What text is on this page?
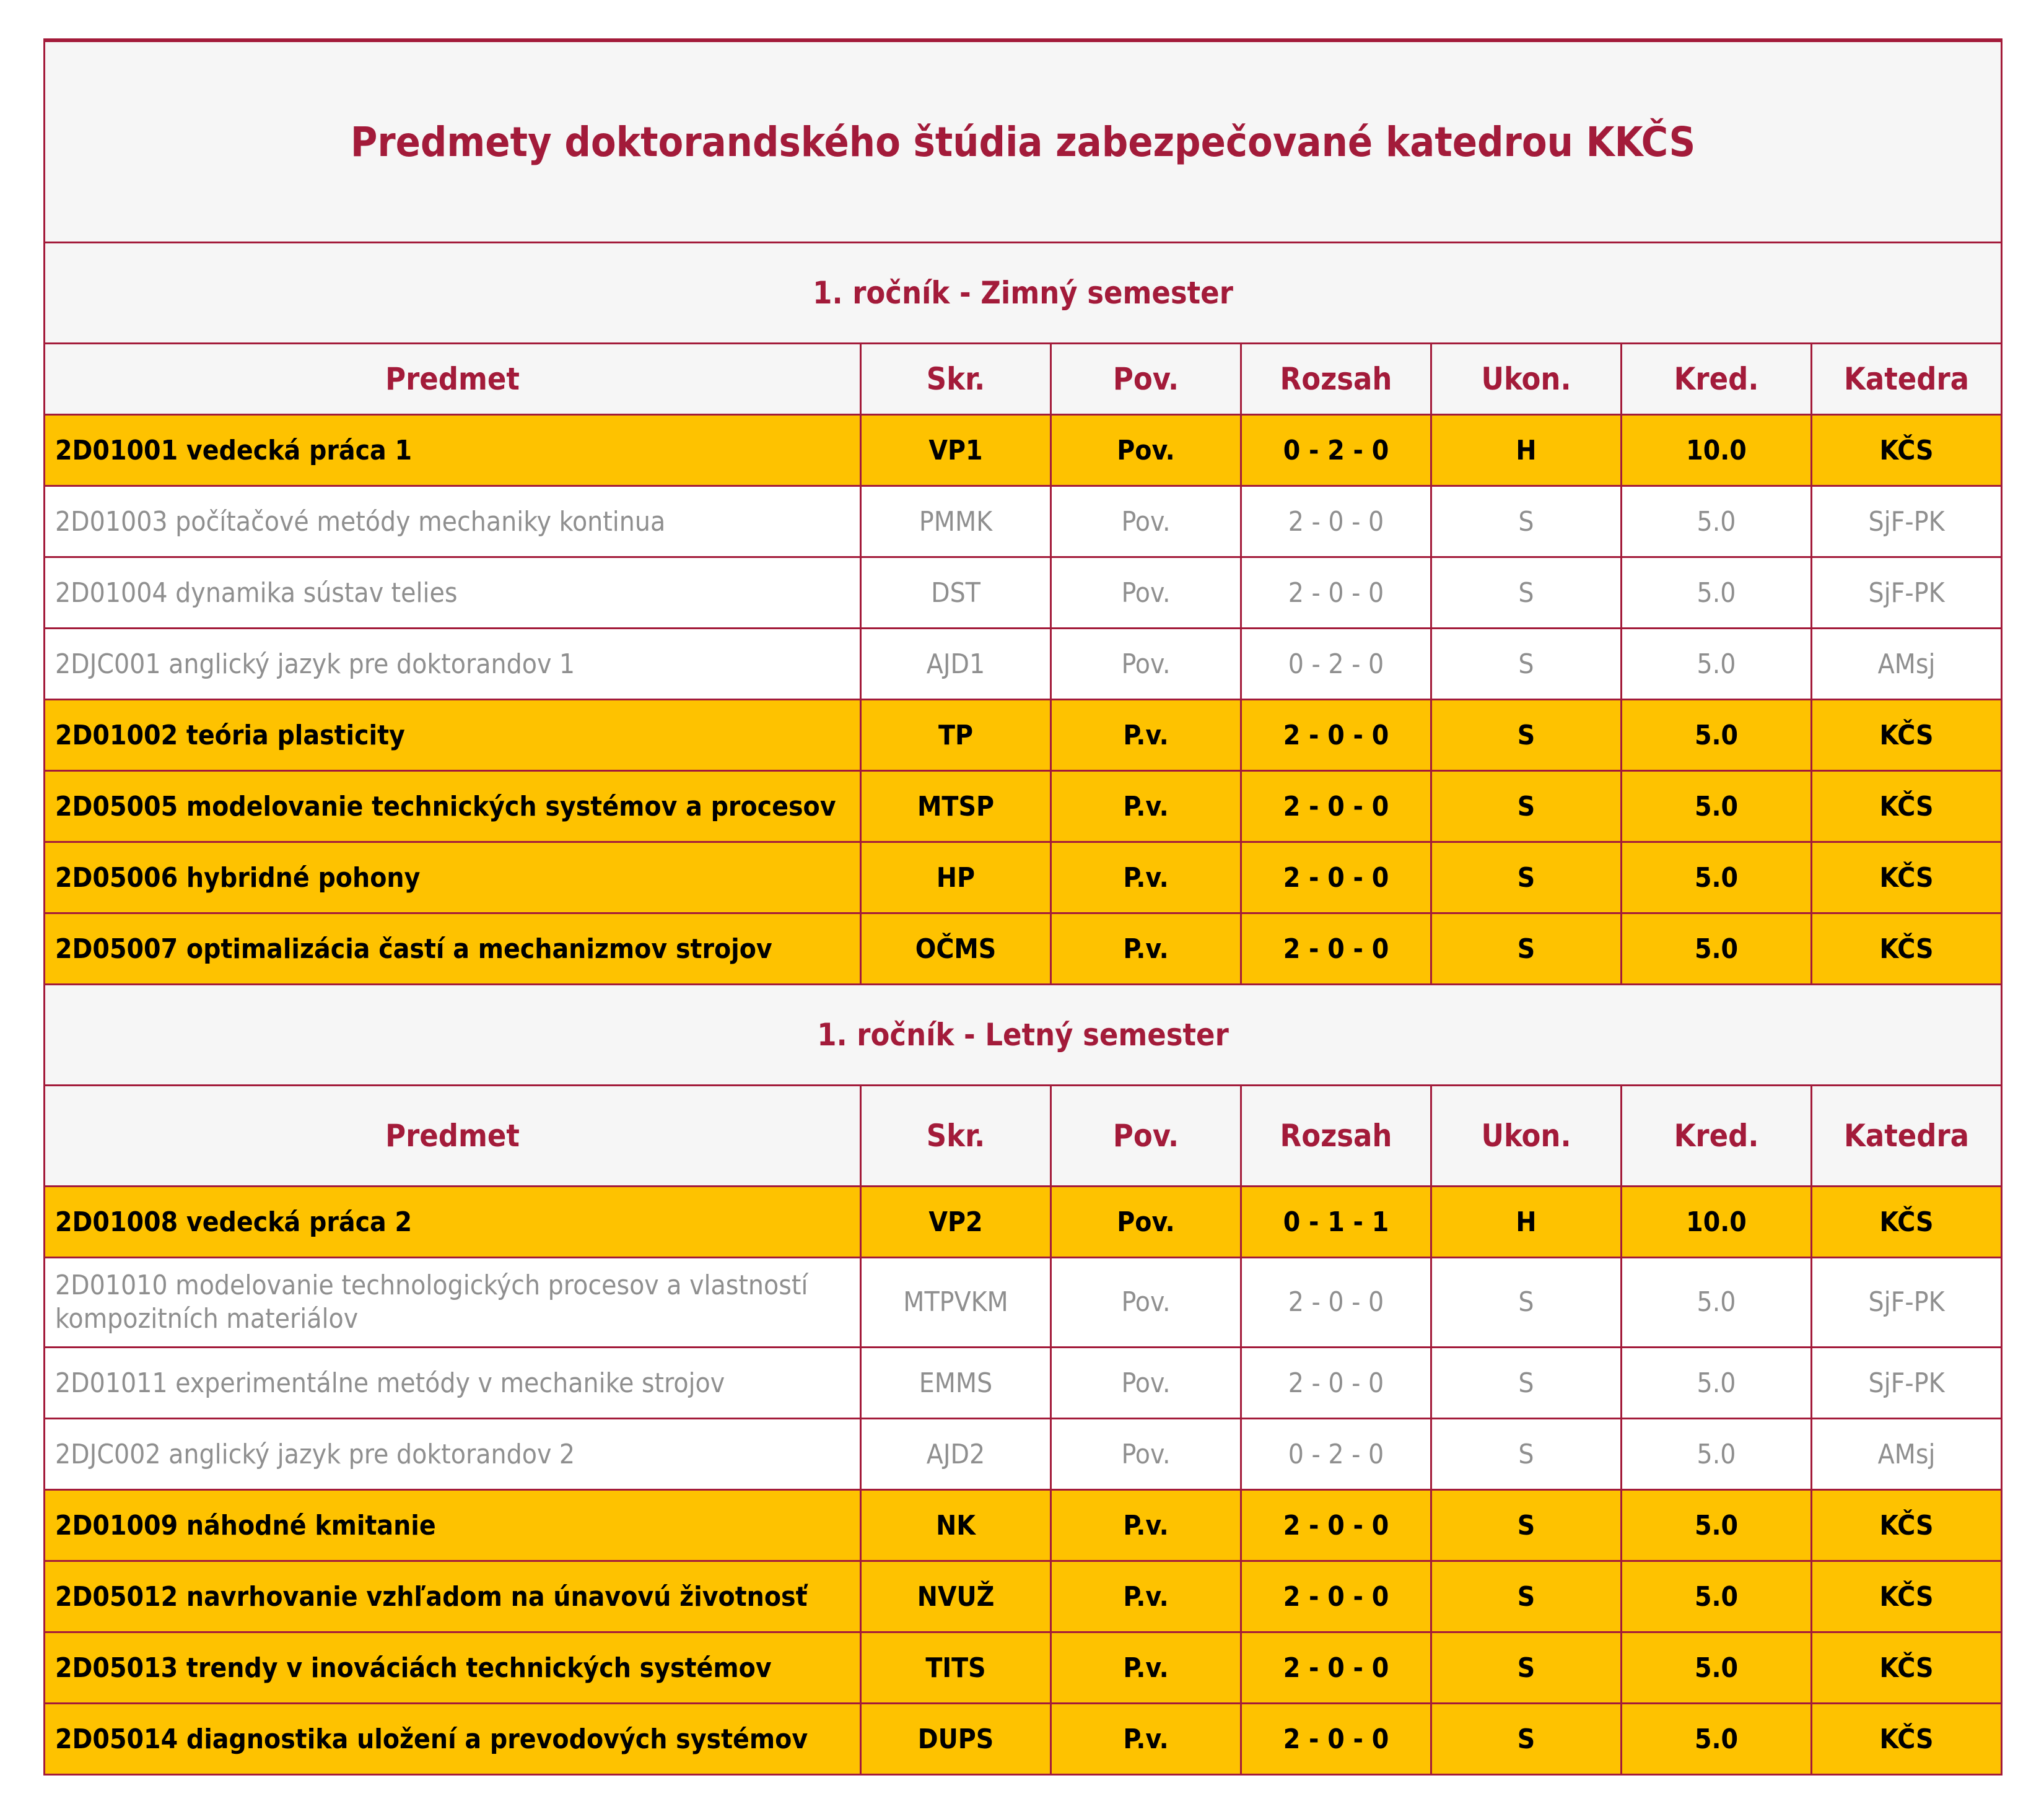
Predmety doktorandského štúdia zabezpečované katedrou KKČS						
1. ročník - Zimný semester						
Predmet	Skr.	Pov.	Rozsah	Ukon.	Kred.	Katedra
2D01001 vedecká práca 1	VP1	Pov.	0 - 2 - 0	H	10.0	KČS
2D01003 počítačové metódy mechaniky kontinua	PMMK	Pov.	2 - 0 - 0	S	5.0	SjF-PK
2D01004 dynamika sústav telies	DST	Pov.	2 - 0 - 0	S	5.0	SjF-PK
2DJC001 anglický jazyk pre doktorandov 1	AJD1	Pov.	0 - 2 - 0	S	5.0	AMsj
2D01002 teória plasticity	TP	P.v.	2 - 0 - 0	S	5.0	KČS
2D05005 modelovanie technických systémov a procesov	MTSP	P.v.	2 - 0 - 0	S	5.0	KČS
2D05006 hybridné pohony	HP	P.v.	2 - 0 - 0	S	5.0	KČS
2D05007 optimalizácia častí a mechanizmov strojov	OČMS	P.v.	2 - 0 - 0	S	5.0	KČS
1. ročník - Letný semester						
Predmet	Skr.	Pov.	Rozsah	Ukon.	Kred.	Katedra
2D01008 vedecká práca 2	VP2	Pov.	0 - 1 - 1	H	10.0	KČS
2D01010 modelovanie technologických procesov a vlastností kompozitních materiálov	MTPVKM	Pov.	2 - 0 - 0	S	5.0	SjF-PK
2D01011 experimentálne metódy v mechanike strojov	EMMS	Pov.	2 - 0 - 0	S	5.0	SjF-PK
2DJC002 anglický jazyk pre doktorandov 2	AJD2	Pov.	0 - 2 - 0	S	5.0	AMsj
2D01009 náhodné kmitanie	NK	P.v.	2 - 0 - 0	S	5.0	KČS
2D05012 navrhovanie vzhľadom na únavovú životnosť	NVUŽ	P.v.	2 - 0 - 0	S	5.0	KČS
2D05013 trendy v inováciách technických systémov	TITS	P.v.	2 - 0 - 0	S	5.0	KČS
2D05014 diagnostika uložení a prevodových systémov	DUPS	P.v.	2 - 0 - 0	S	5.0	KČS
